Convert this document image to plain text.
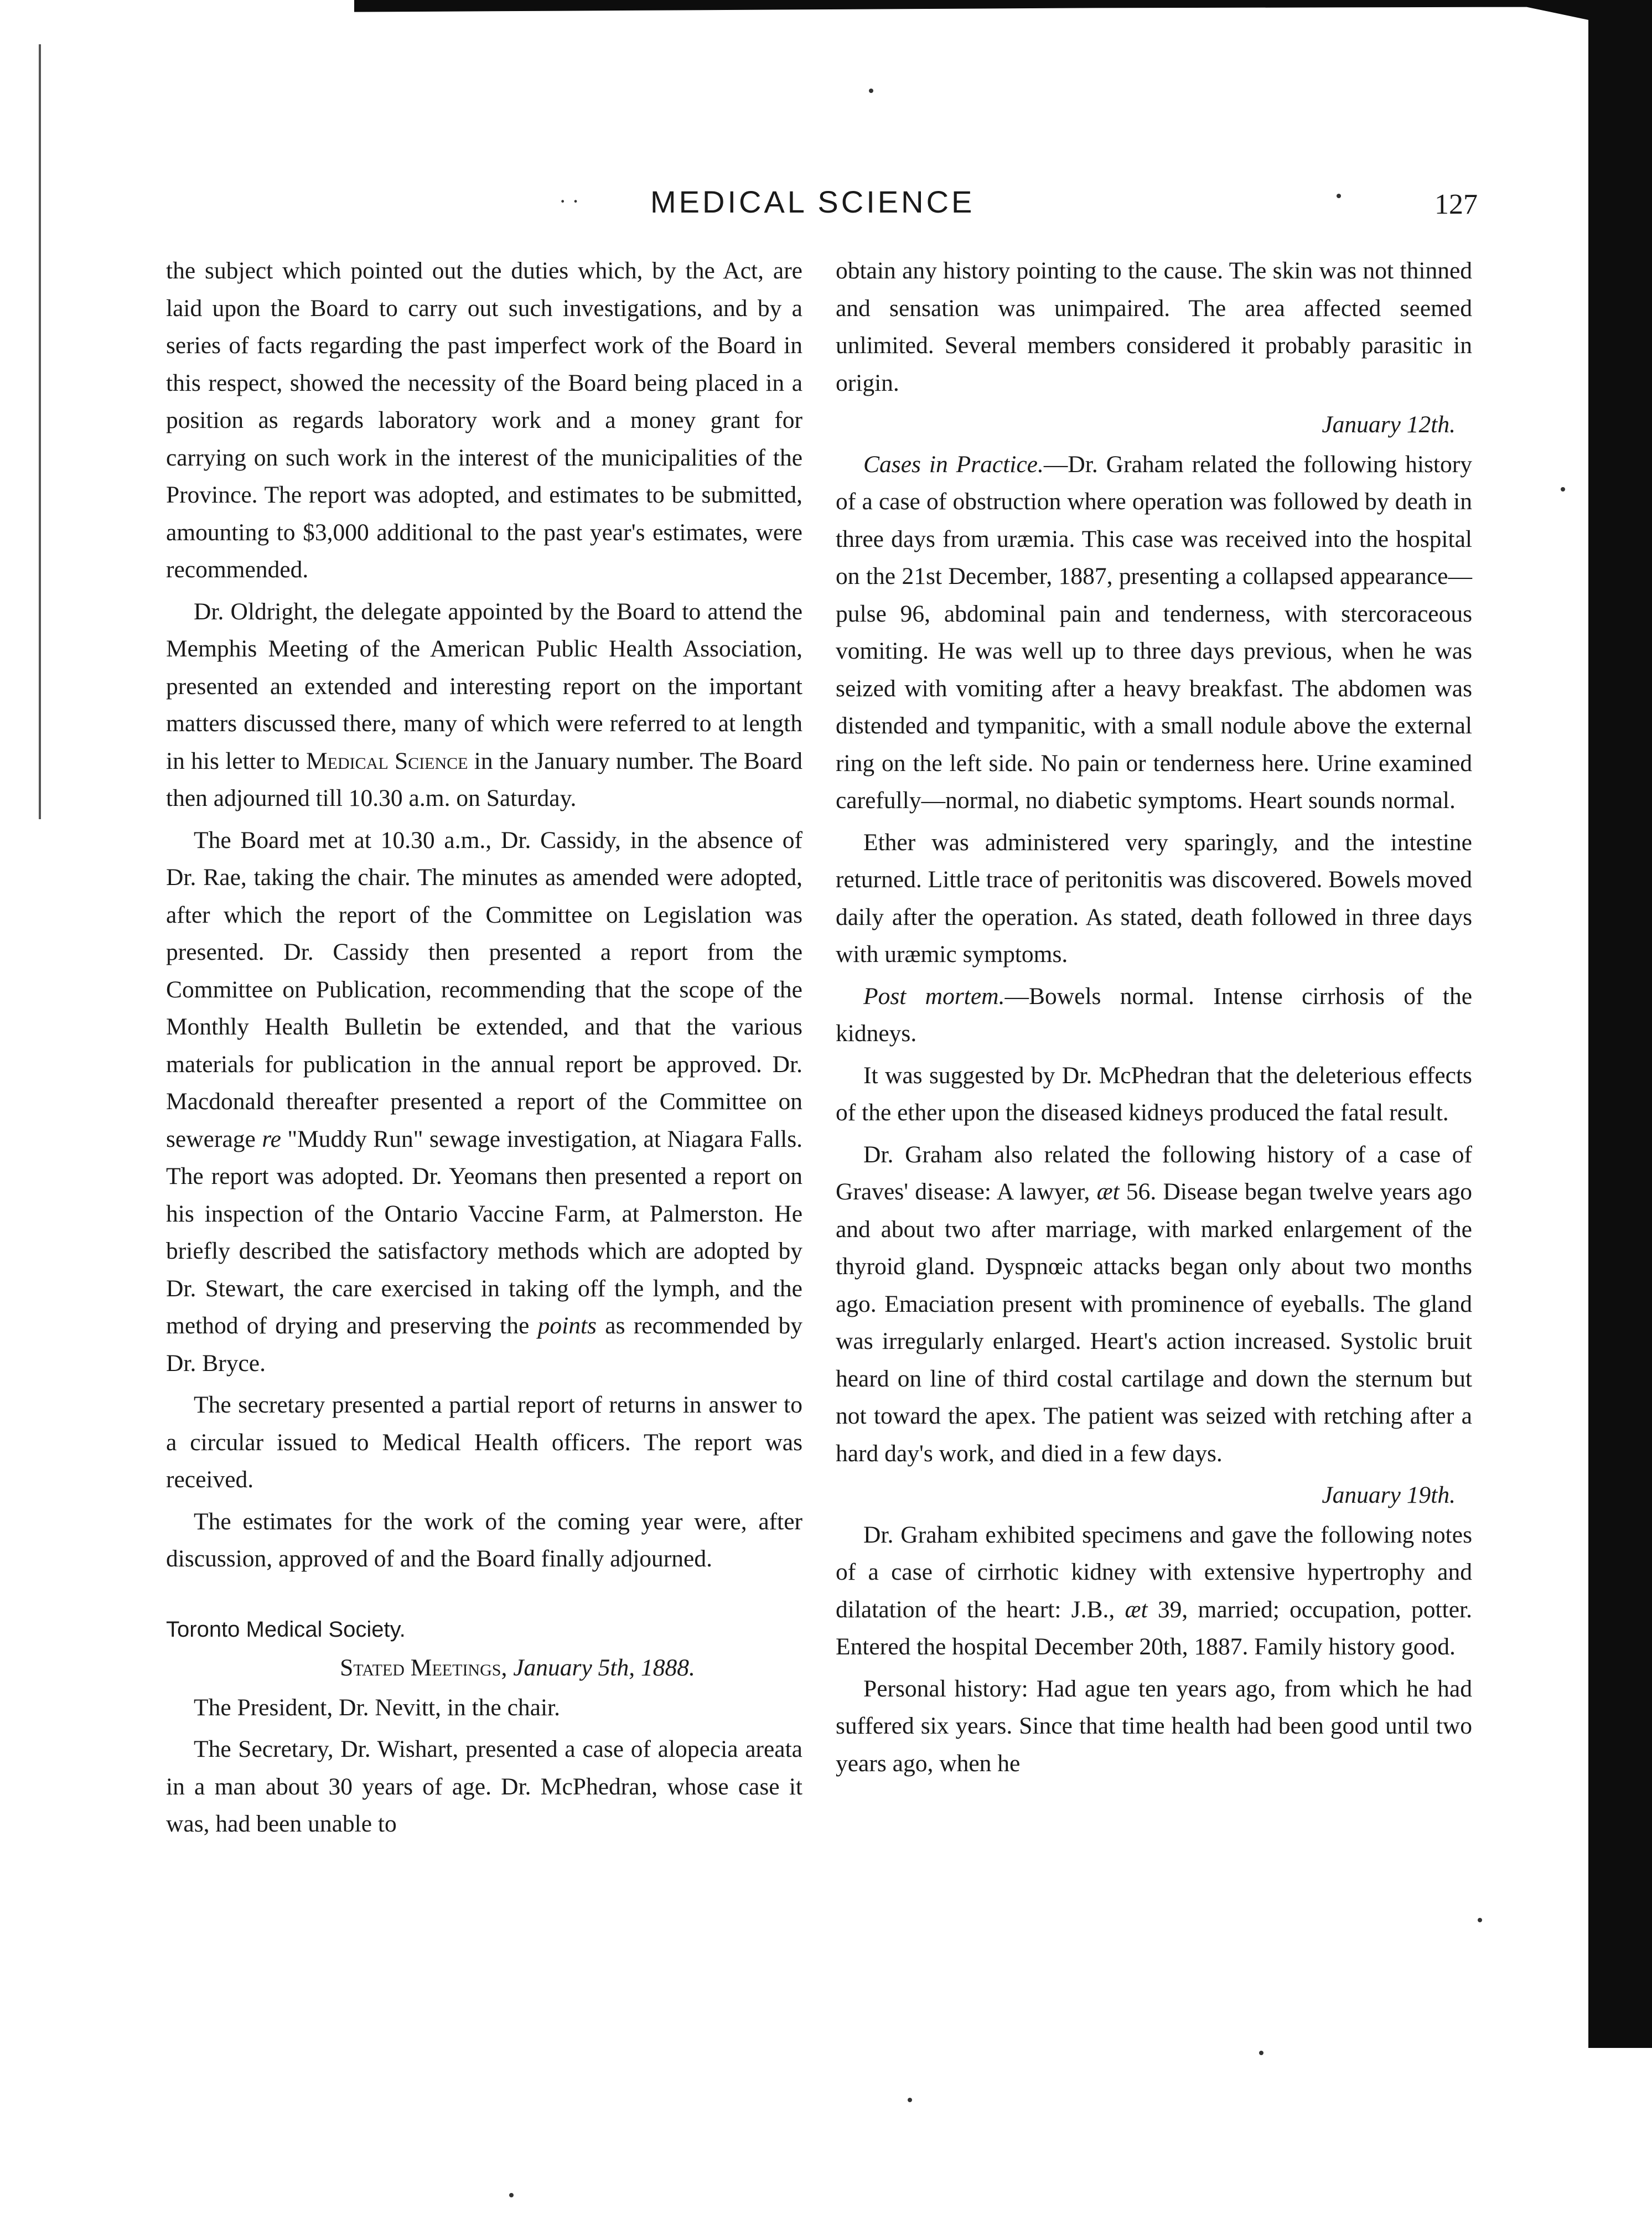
· · MEDICAL SCIENCE	127

the subject which pointed out the duties which, by the Act, are laid upon the Board to carry out such investigations, and by a series of facts regarding the past imperfect work of the Board in this respect, showed the necessity of the Board being placed in a position as regards laboratory work and a money grant for carrying on such work in the interest of the municipalities of the Province. The report was adopted, and estimates to be submitted, amounting to $3,000 additional to the past year's estimates, were recommended.

Dr. Oldright, the delegate appointed by the Board to attend the Memphis Meeting of the American Public Health Association, presented an extended and interesting report on the important matters discussed there, many of which were referred to at length in his letter to Medical Science in the January number. The Board then adjourned till 10.30 a.m. on Saturday.

The Board met at 10.30 a.m., Dr. Cassidy, in the absence of Dr. Rae, taking the chair. The minutes as amended were adopted, after which the report of the Committee on Legislation was presented. Dr. Cassidy then presented a report from the Committee on Publication, recommending that the scope of the Monthly Health Bulletin be extended, and that the various materials for publication in the annual report be approved. Dr. Macdonald thereafter presented a report of the Committee on sewerage re "Muddy Run" sewage investigation, at Niagara Falls. The report was adopted. Dr. Yeomans then presented a report on his inspection of the Ontario Vaccine Farm, at Palmerston. He briefly described the satisfactory methods which are adopted by Dr. Stewart, the care exercised in taking off the lymph, and the method of drying and preserving the points as recommended by Dr. Bryce.

The secretary presented a partial report of returns in answer to a circular issued to Medical Health officers. The report was received.

The estimates for the work of the coming year were, after discussion, approved of and the Board finally adjourned.

Toronto Medical Society.

Stated Meetings, January 5th, 1888.

The President, Dr. Nevitt, in the chair.

The Secretary, Dr. Wishart, presented a case of alopecia areata in a man about 30 years of age. Dr. McPhedran, whose case it was, had been unable to

obtain any history pointing to the cause. The skin was not thinned and sensation was unimpaired. The area affected seemed unlimited. Several members considered it probably parasitic in origin.

January 12th.

Cases in Practice.—Dr. Graham related the following history of a case of obstruction where operation was followed by death in three days from uræmia. This case was received into the hospital on the 21st December, 1887, presenting a collapsed appearance—pulse 96, abdominal pain and tenderness, with stercoraceous vomiting. He was well up to three days previous, when he was seized with vomiting after a heavy breakfast. The abdomen was distended and tympanitic, with a small nodule above the external ring on the left side. No pain or tenderness here. Urine examined carefully—normal, no diabetic symptoms. Heart sounds normal.

Ether was administered very sparingly, and the intestine returned. Little trace of peritonitis was discovered. Bowels moved daily after the operation. As stated, death followed in three days with uræmic symptoms.

Post mortem.—Bowels normal. Intense cirrhosis of the kidneys.

It was suggested by Dr. McPhedran that the deleterious effects of the ether upon the diseased kidneys produced the fatal result.

Dr. Graham also related the following history of a case of Graves' disease: A lawyer, æt 56. Disease began twelve years ago and about two after marriage, with marked enlargement of the thyroid gland. Dyspnœic attacks began only about two months ago. Emaciation present with prominence of eyeballs. The gland was irregularly enlarged. Heart's action increased. Systolic bruit heard on line of third costal cartilage and down the sternum but not toward the apex. The patient was seized with retching after a hard day's work, and died in a few days.

January 19th.

Dr. Graham exhibited specimens and gave the following notes of a case of cirrhotic kidney with extensive hypertrophy and dilatation of the heart: J.B., æt 39, married; occupation, potter. Entered the hospital December 20th, 1887. Family history good.

Personal history: Had ague ten years ago, from which he had suffered six years. Since that time health had been good until two years ago, when he
